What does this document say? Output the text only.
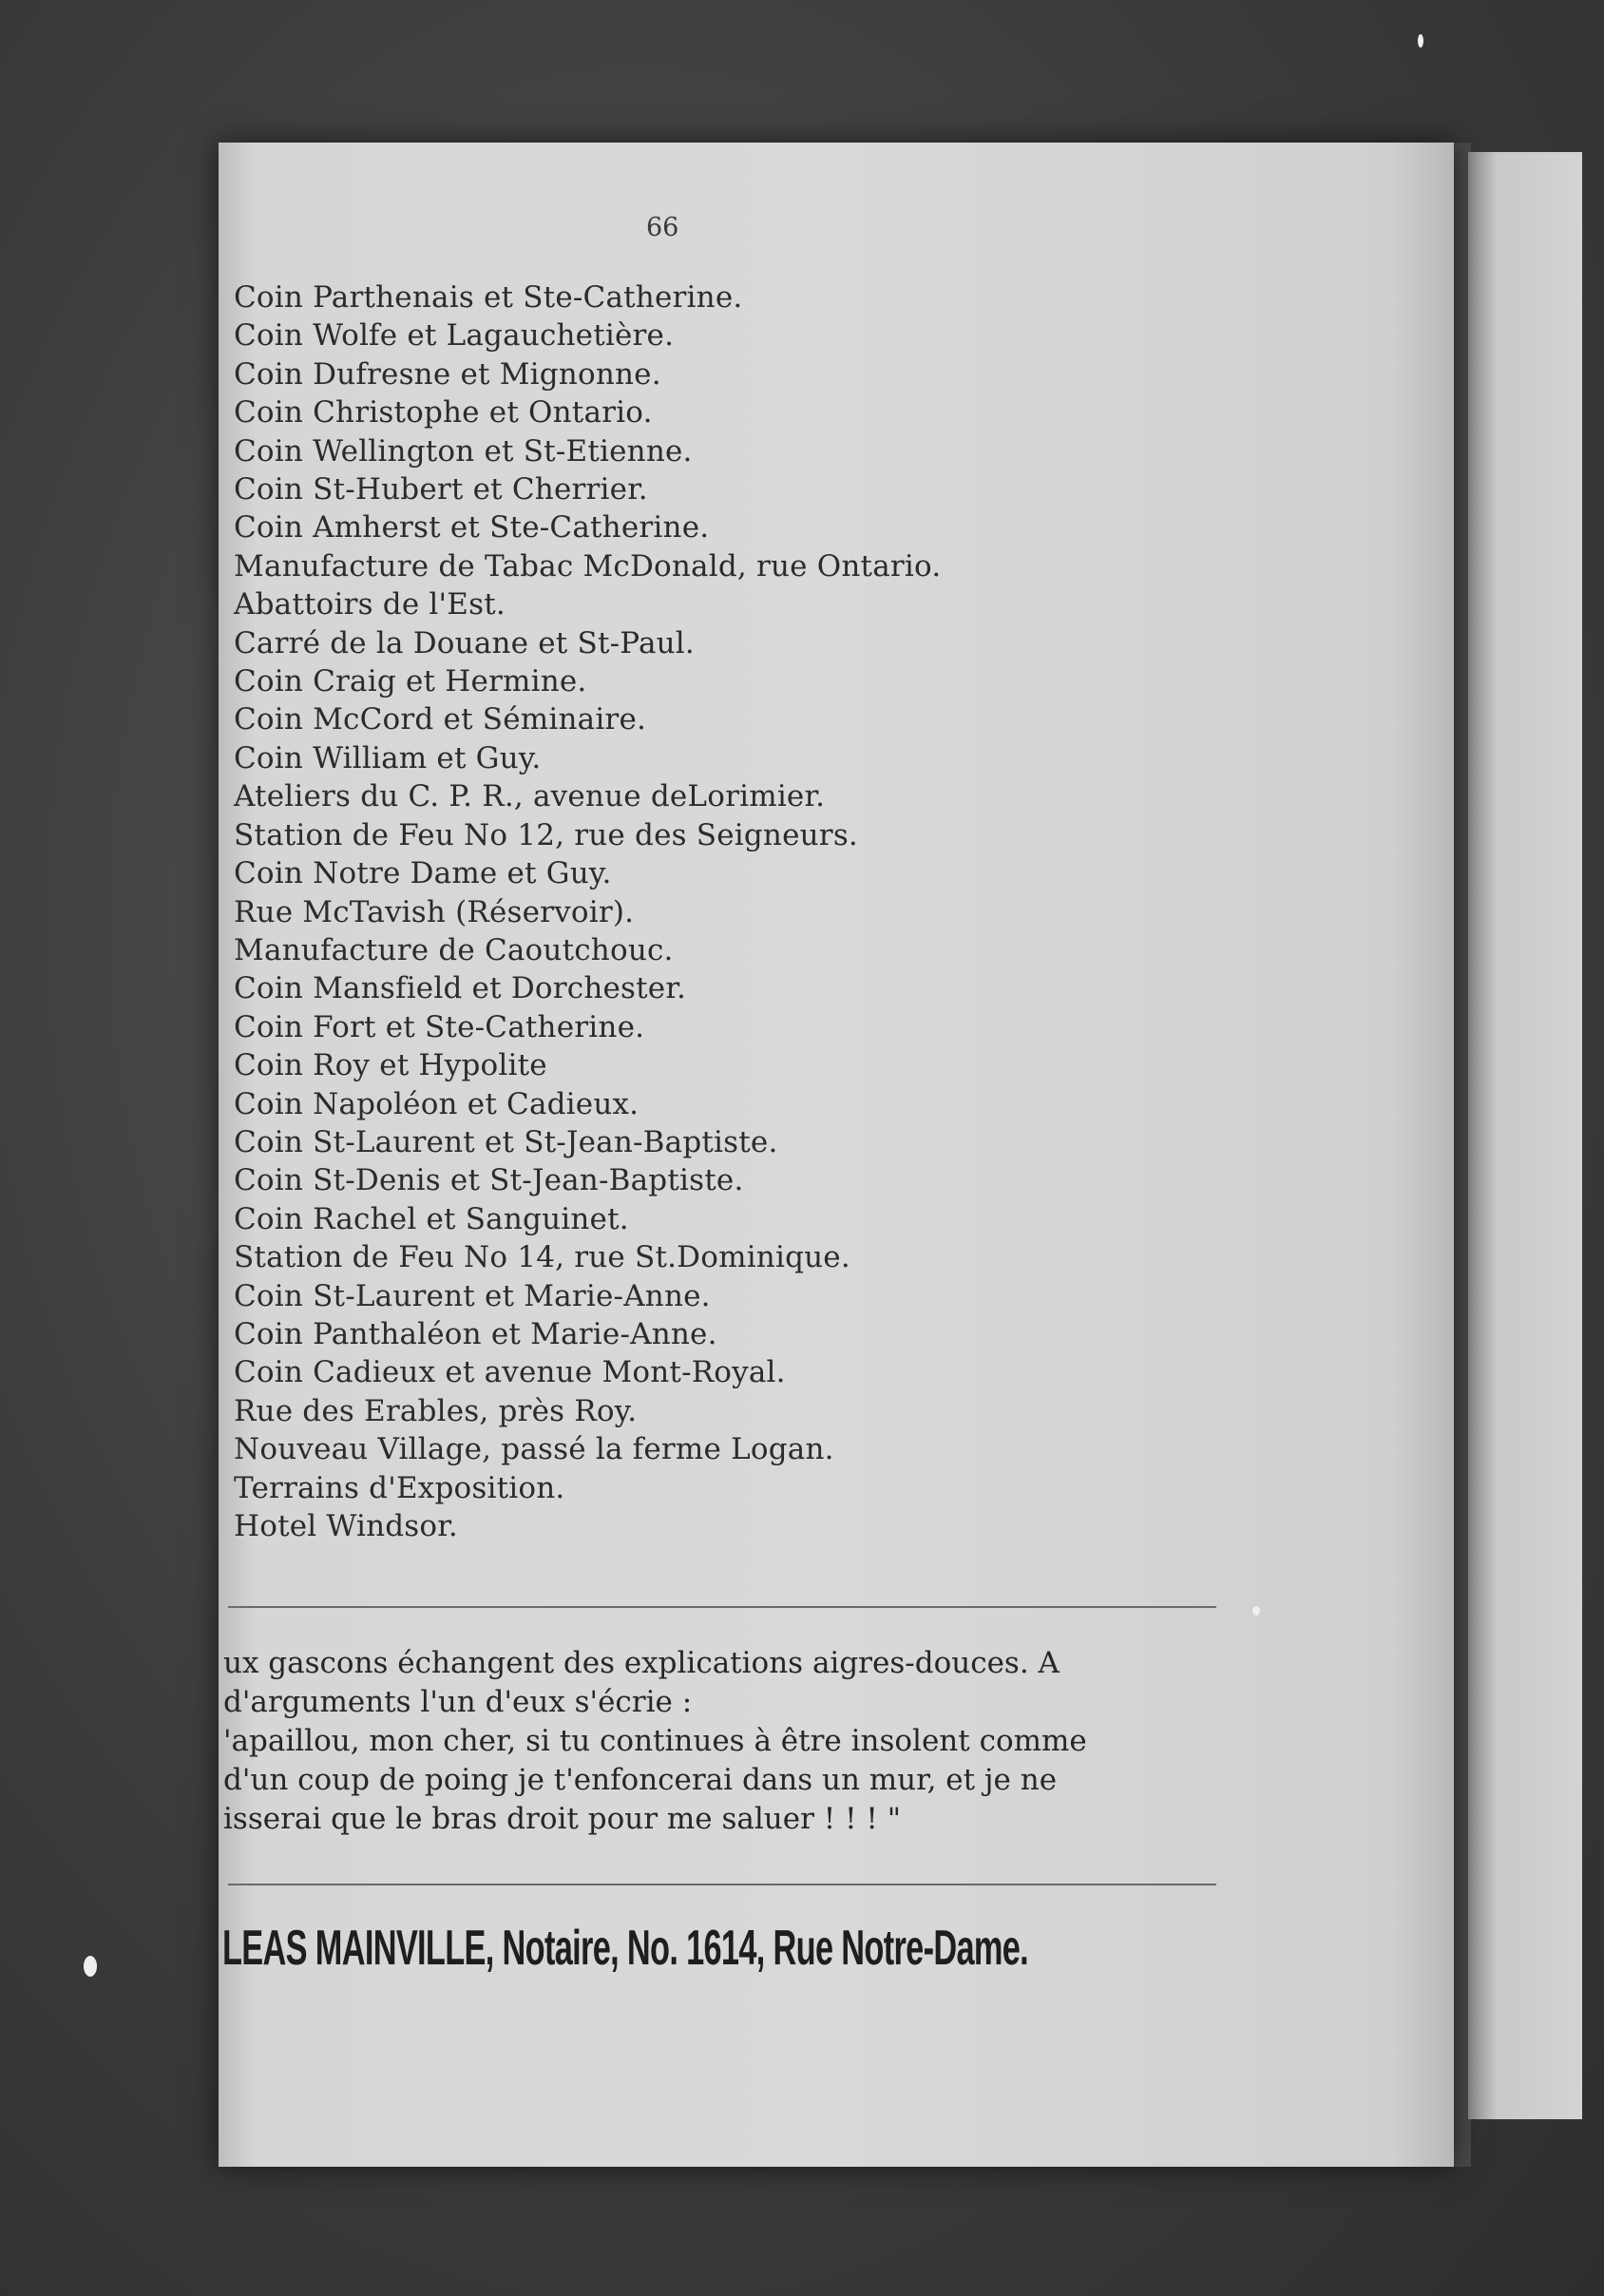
66
Coin Parthenais et Ste-Catherine.
Coin Wolfe et Lagauchetière.
Coin Dufresne et Mignonne.
Coin Christophe et Ontario.
Coin Wellington et St-Etienne.
Coin St-Hubert et Cherrier.
Coin Amherst et Ste-Catherine.
Manufacture de Tabac McDonald, rue Ontario.
Abattoirs de l'Est.
Carré de la Douane et St-Paul.
Coin Craig et Hermine.
Coin McCord et Séminaire.
Coin William et Guy.
Ateliers du C. P. R., avenue deLorimier.
Station de Feu No 12, rue des Seigneurs.
Coin Notre Dame et Guy.
Rue McTavish (Réservoir).
Manufacture de Caoutchouc.
Coin Mansfield et Dorchester.
Coin Fort et Ste-Catherine.
Coin Roy et Hypolite
Coin Napoléon et Cadieux.
Coin St-Laurent et St-Jean-Baptiste.
Coin St-Denis et St-Jean-Baptiste.
Coin Rachel et Sanguinet.
Station de Feu No 14, rue St.Dominique.
Coin St-Laurent et Marie-Anne.
Coin Panthaléon et Marie-Anne.
Coin Cadieux et avenue Mont-Royal.
Rue des Erables, près Roy.
Nouveau Village, passé la ferme Logan.
Terrains d'Exposition.
Hotel Windsor.

ux gascons échangent des explications aigres-douces. A

d'arguments l'un d'eux s'écrie :

'apaillou, mon cher, si tu continues à être insolent comme

d'un coup de poing je t'enfoncerai dans un mur, et je ne

isserai que le bras droit pour me saluer ! ! ! "

LEAS MAINVILLE, Notaire, No. 1614, Rue Notre-Dame.
